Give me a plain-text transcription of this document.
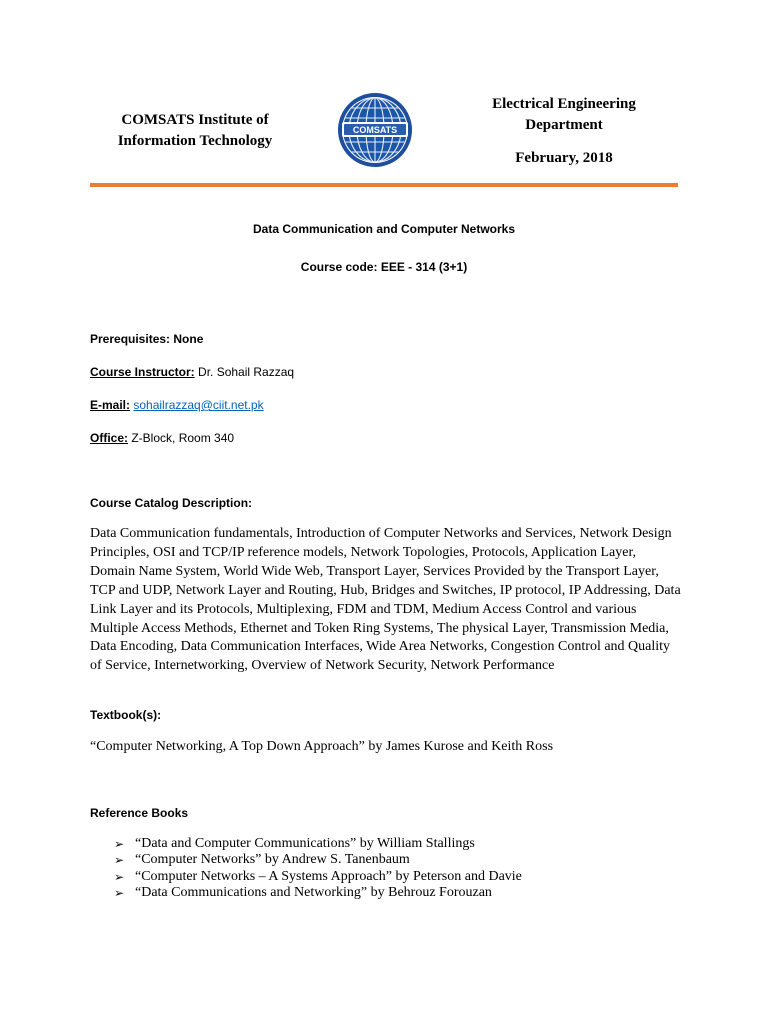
COMSATS Institute of
Information Technology
COMSATS
Electrical Engineering
Department
February, 2018
Data Communication and Computer Networks
Course code: EEE - 314 (3+1)
Prerequisites: None
Course Instructor: Dr. Sohail Razzaq
E-mail: sohailrazzaq@ciit.net.pk
Office: Z-Block, Room 340
Course Catalog Description:
Data Communication fundamentals, Introduction of Computer Networks and Services, Network Design
Principles, OSI and TCP/IP reference models, Network Topologies, Protocols, Application Layer,
Domain Name System, World Wide Web, Transport Layer, Services Provided by the Transport Layer,
TCP and UDP, Network Layer and Routing, Hub, Bridges and Switches, IP protocol, IP Addressing, Data
Link Layer and its Protocols, Multiplexing, FDM and TDM, Medium Access Control and various
Multiple Access Methods, Ethernet and Token Ring Systems, The physical Layer, Transmission Media,
Data Encoding, Data Communication Interfaces, Wide Area Networks, Congestion Control and Quality
of Service, Internetworking, Overview of Network Security, Network Performance
Textbook(s):
“Computer Networking, A Top Down Approach” by James Kurose and Keith Ross
Reference Books
➢ “Data and Computer Communications” by William Stallings
➢ “Computer Networks” by Andrew S. Tanenbaum
➢ “Computer Networks – A Systems Approach” by Peterson and Davie
➢ “Data Communications and Networking” by Behrouz Forouzan
